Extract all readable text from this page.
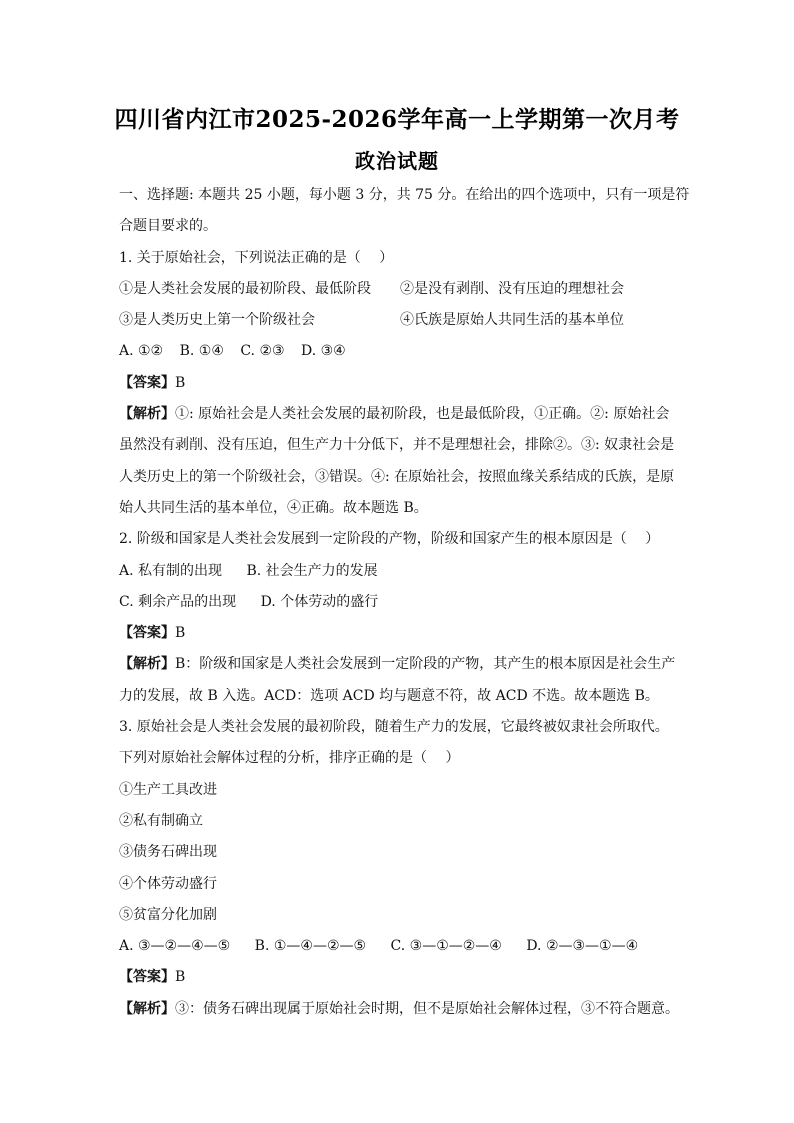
四川省内江市2025-2026学年高一上学期第一次月考
政治试题
一、选择题: 本题共 25 小题，每小题 3 分，共 75 分。在给出的四个选项中，只有一项是符
合题目要求的。
1. 关于原始社会，下列说法正确的是（　 ）
①是人类社会发展的最初阶段、最低阶段	②是没有剥削、没有压迫的理想社会
③是人类历史上第一个阶级社会	④氏族是原始人共同生活的基本单位
A. ①② B. ①④ C. ②③ D. ③④
【答案】B
【解析】①: 原始社会是人类社会发展的最初阶段，也是最低阶段，①正确。②: 原始社会
虽然没有剥削、没有压迫，但生产力十分低下，并不是理想社会，排除②。③: 奴隶社会是
人类历史上的第一个阶级社会，③错误。④: 在原始社会，按照血缘关系结成的氏族，是原
始人共同生活的基本单位，④正确。故本题选 B。
2. 阶级和国家是人类社会发展到一定阶段的产物，阶级和国家产生的根本原因是（　 ）
A. 私有制的出现 B. 社会生产力的发展
C. 剩余产品的出现 D. 个体劳动的盛行
【答案】B
【解析】B：阶级和国家是人类社会发展到一定阶段的产物，其产生的根本原因是社会生产
力的发展，故 B 入选。ACD：选项 ACD 均与题意不符，故 ACD 不选。故本题选 B。
3. 原始社会是人类社会发展的最初阶段，随着生产力的发展，它最终被奴隶社会所取代。
下列对原始社会解体过程的分析，排序正确的是（　 ）
①生产工具改进
②私有制确立
③债务石碑出现
④个体劳动盛行
⑤贫富分化加剧
A. ③—②—④—⑤ B. ①—④—②—⑤ C. ③—①—②—④ D. ②—③—①—④
【答案】B
【解析】③：债务石碑出现属于原始社会时期，但不是原始社会解体过程，③不符合题意。
